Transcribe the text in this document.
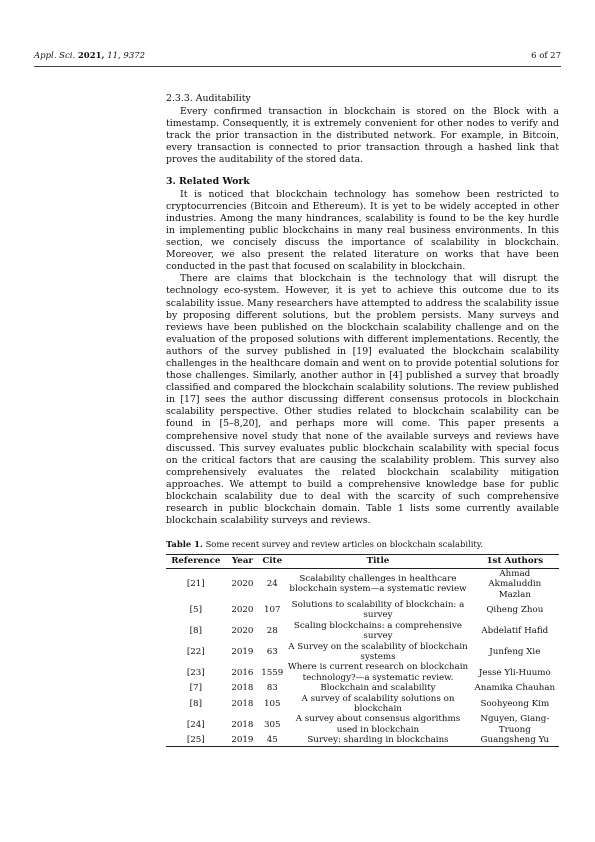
Appl. Sci. 2021, 11, 9372	6 of 27
2.3.3. Auditability

Every confirmed transaction in blockchain is stored on the Block with a timestamp. Consequently, it is extremely convenient for other nodes to verify and track the prior transaction in the distributed network. For example, in Bitcoin, every transaction is connected to prior transaction through a hashed link that proves the auditability of the stored data.

3. Related Work

It is noticed that blockchain technology has somehow been restricted to cryptocurrencies (Bitcoin and Ethereum). It is yet to be widely accepted in other industries. Among the many hindrances, scalability is found to be the key hurdle in implementing public blockchains in many real business environments. In this section, we concisely discuss the importance of scalability in blockchain. Moreover, we also present the related literature on works that have been conducted in the past that focused on scalability in blockchain.

There are claims that blockchain is the technology that will disrupt the technology eco-system. However, it is yet to achieve this outcome due to its scalability issue. Many researchers have attempted to address the scalability issue by proposing different solutions, but the problem persists. Many surveys and reviews have been published on the blockchain scalability challenge and on the evaluation of the proposed solutions with different implementations. Recently, the authors of the survey published in [19] evaluated the blockchain scalability challenges in the healthcare domain and went on to provide potential solutions for those challenges. Similarly, another author in [4] published a survey that broadly classified and compared the blockchain scalability solutions. The review published in [17] sees the author discussing different consensus protocols in blockchain scalability perspective. Other studies related to blockchain scalability can be found in [5–8,20], and perhaps more will come. This paper presents a comprehensive novel study that none of the available surveys and reviews have discussed. This survey evaluates public blockchain scalability with special focus on the critical factors that are causing the scalability problem. This survey also comprehensively evaluates the related blockchain scalability mitigation approaches. We attempt to build a comprehensive knowledge base for public blockchain scalability due to deal with the scarcity of such comprehensive research in public blockchain domain. Table 1 lists some currently available blockchain scalability surveys and reviews.

Table 1. Some recent survey and review articles on blockchain scalability.
Reference	Year	Cite	Title	1st Authors
[21]	2020	24	Scalability challenges in healthcare blockchain system—a systematic review	Ahmad Akmaluddin Mazlan
[5]	2020	107	Solutions to scalability of blockchain: a survey	Qiheng Zhou
[8]	2020	28	Scaling blockchains: a comprehensive survey	Abdelatif Hafid
[22]	2019	63	A Survey on the scalability of blockchain systems	Junfeng Xie
[23]	2016	1559	Where is current research on blockchain technology?—a systematic review.	Jesse Yli-Huumo
[7]	2018	83	Blockchain and scalability	Anamika Chauhan
[8]	2018	105	A survey of scalability solutions on blockchain	Soohyeong Kim
[24]	2018	305	A survey about consensus algorithms used in blockchain	Nguyen, Giang-Truong
[25]	2019	45	Survey: sharding in blockchains	Guangsheng Yu
